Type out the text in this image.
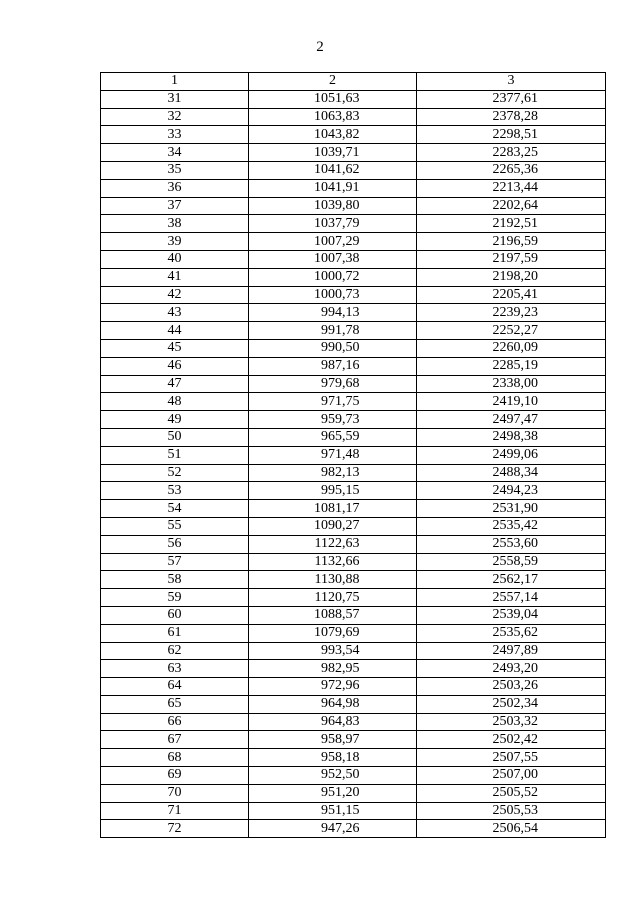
2
1	2	3
31	1051,63	2377,61
32	1063,83	2378,28
33	1043,82	2298,51
34	1039,71	2283,25
35	1041,62	2265,36
36	1041,91	2213,44
37	1039,80	2202,64
38	1037,79	2192,51
39	1007,29	2196,59
40	1007,38	2197,59
41	1000,72	2198,20
42	1000,73	2205,41
43	994,13	2239,23
44	991,78	2252,27
45	990,50	2260,09
46	987,16	2285,19
47	979,68	2338,00
48	971,75	2419,10
49	959,73	2497,47
50	965,59	2498,38
51	971,48	2499,06
52	982,13	2488,34
53	995,15	2494,23
54	1081,17	2531,90
55	1090,27	2535,42
56	1122,63	2553,60
57	1132,66	2558,59
58	1130,88	2562,17
59	1120,75	2557,14
60	1088,57	2539,04
61	1079,69	2535,62
62	993,54	2497,89
63	982,95	2493,20
64	972,96	2503,26
65	964,98	2502,34
66	964,83	2503,32
67	958,97	2502,42
68	958,18	2507,55
69	952,50	2507,00
70	951,20	2505,52
71	951,15	2505,53
72	947,26	2506,54
